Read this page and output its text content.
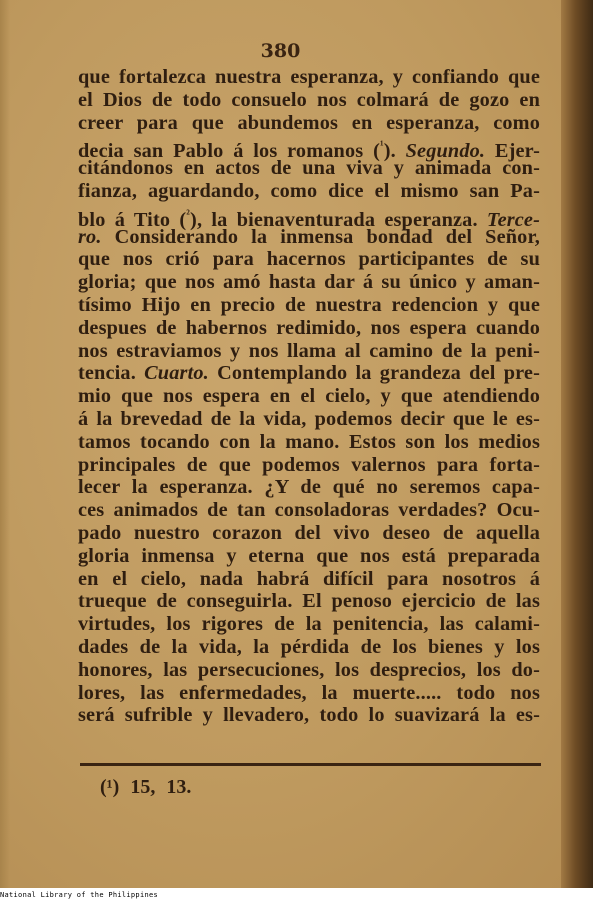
380
que fortalezca nuestra esperanza, y confiando que
el Dios de todo consuelo nos colmará de gozo en
creer para que abundemos en esperanza, como
decia san Pablo á los romanos ($^{^1}$). Segundo. Ejer-
citándonos en actos de una viva y animada con-
fianza, aguardando, como dice el mismo san Pa-
blo á Tito ($^{^2}$), la bienaventurada esperanza. Terce-
ro. Considerando la inmensa bondad del Señor,
que nos crió para hacernos participantes de su
gloria; que nos amó hasta dar á su único y aman-
tísimo Hijo en precio de nuestra redencion y que
despues de habernos redimido, nos espera cuando
nos estraviamos y nos llama al camino de la peni-
tencia. Cuarto. Contemplando la grandeza del pre-
mio que nos espera en el cielo, y que atendiendo
á la brevedad de la vida, podemos decir que le es-
tamos tocando con la mano. Estos son los medios
principales de que podemos valernos para forta-
lecer la esperanza. ¿Y de qué no seremos capa-
ces animados de tan consoladoras verdades? Ocu-
pado nuestro corazon del vivo deseo de aquella
gloria inmensa y eterna que nos está preparada
en el cielo, nada habrá difícil para nosotros á
trueque de conseguirla. El penoso ejercicio de las
virtudes, los rigores de la penitencia, las calami-
dades de la vida, la pérdida de los bienes y los
honores, las persecuciones, los desprecios, los do-
lores, las enfermedades, la muerte..... todo nos
será sufrible y llevadero, todo lo suavizará la es-
(¹) 15, 13.
National Library of the Philippines
